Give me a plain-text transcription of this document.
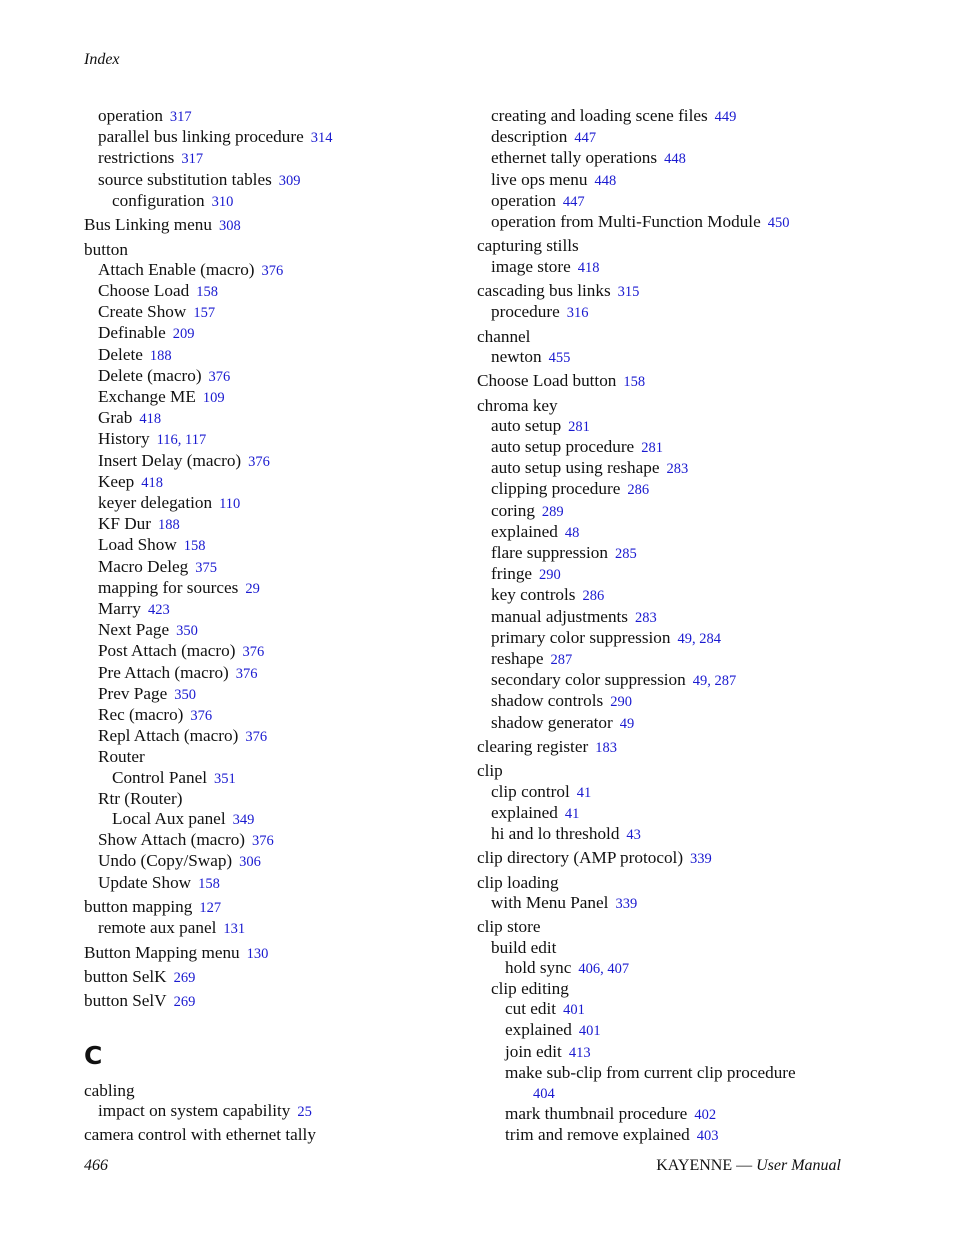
Index
operation 317
parallel bus linking procedure 314
restrictions 317
source substitution tables 309
configuration 310
Bus Linking menu 308
button
Attach Enable (macro) 376
Choose Load 158
Create Show 157
Definable 209
Delete 188
Delete (macro) 376
Exchange ME 109
Grab 418
History 116, 117
Insert Delay (macro) 376
Keep 418
keyer delegation 110
KF Dur 188
Load Show 158
Macro Deleg 375
mapping for sources 29
Marry 423
Next Page 350
Post Attach (macro) 376
Pre Attach (macro) 376
Prev Page 350
Rec (macro) 376
Repl Attach (macro) 376
Router
Control Panel 351
Rtr (Router)
Local Aux panel 349
Show Attach (macro) 376
Undo (Copy/Swap) 306
Update Show 158
button mapping 127
remote aux panel 131
Button Mapping menu 130
button SelK 269
button SelV 269
C
cabling
impact on system capability 25
camera control with ethernet tally
creating and loading scene files 449
description 447
ethernet tally operations 448
live ops menu 448
operation 447
operation from Multi-Function Module 450
capturing stills
image store 418
cascading bus links 315
procedure 316
channel
newton 455
Choose Load button 158
chroma key
auto setup 281
auto setup procedure 281
auto setup using reshape 283
clipping procedure 286
coring 289
explained 48
flare suppression 285
fringe 290
key controls 286
manual adjustments 283
primary color suppression 49, 284
reshape 287
secondary color suppression 49, 287
shadow controls 290
shadow generator 49
clearing register 183
clip
clip control 41
explained 41
hi and lo threshold 43
clip directory (AMP protocol) 339
clip loading
with Menu Panel 339
clip store
build edit
hold sync 406, 407
clip editing
cut edit 401
explained 401
join edit 413
make sub-clip from current clip procedure
404
mark thumbnail procedure 402
trim and remove explained 403
466	KAYENNE — User Manual
